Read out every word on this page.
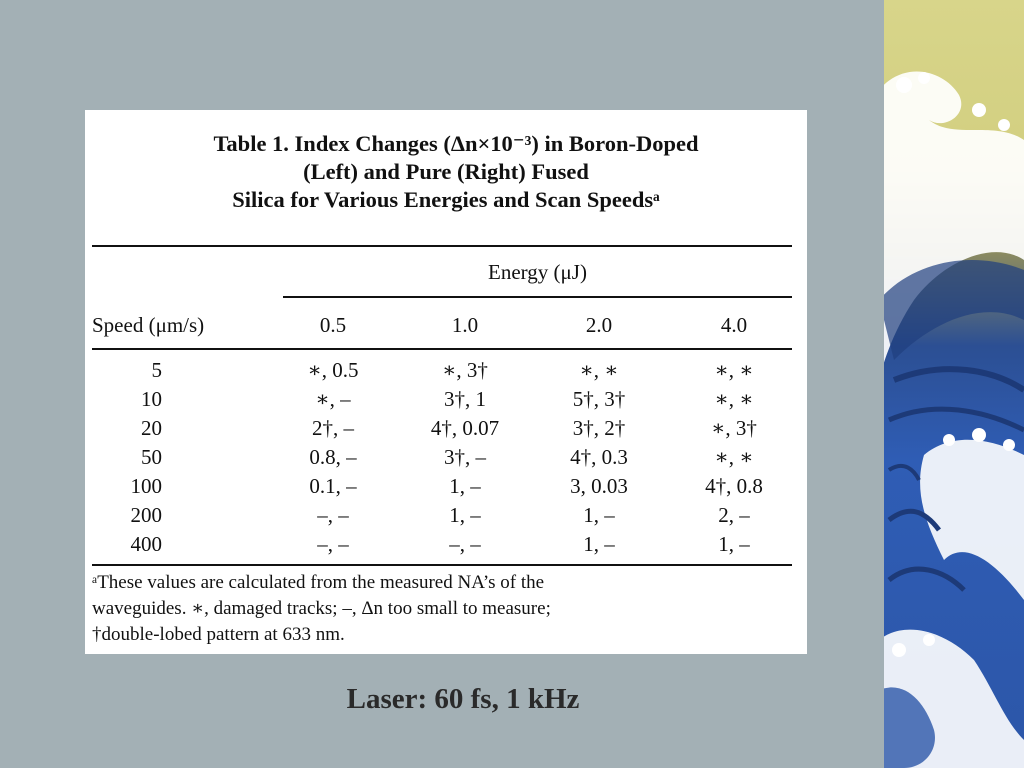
Table 1. Index Changes (Δn×10⁻³) in Boron-Doped
(Left) and Pure (Right) Fused
Silica for Various Energies and Scan Speedsᵃ
Energy (μJ)
Speed (μm/s)	0.5	1.0	2.0	4.0
5	∗, 0.5	∗, 3†	∗, ∗	∗, ∗
10	∗, –	3†, 1	5†, 3†	∗, ∗
20	2†, –	4†, 0.07	3†, 2†	∗, 3†
50	0.8, –	3†, –	4†, 0.3	∗, ∗
100	0.1, –	1, –	3, 0.03	4†, 0.8
200	–, –	1, –	1, –	2, –
400	–, –	–, –	1, –	1, –

ᵃThese values are calculated from the measured NA’s of the

waveguides. ∗, damaged tracks; –, Δn too small to measure;

†double-lobed pattern at 633 nm.

Laser: 60 fs, 1 kHz
